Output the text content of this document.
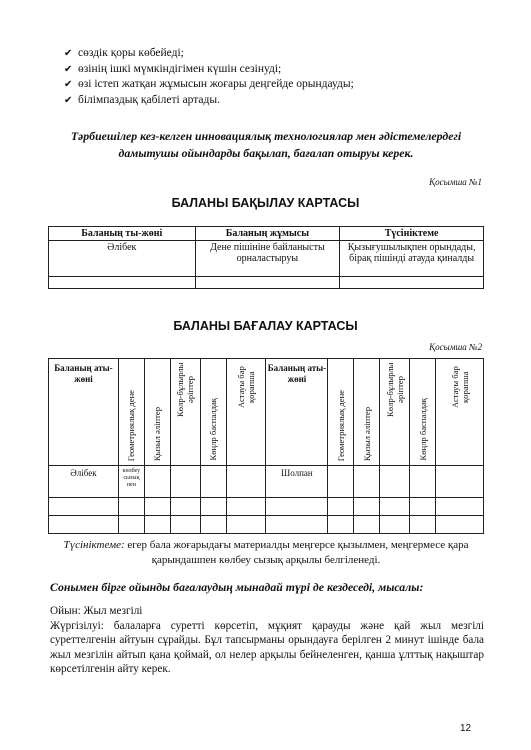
✔ сөздік қоры көбейеді;
✔ өзінің ішкі мүмкіндігімен күшін сезінуді;
✔ өзі істеп жатқан жұмысын жоғары деңгейде орындауды;
✔ білімпаздық қабілеті артады.
Тәрбиешілер кез-келген инновациялық технологиялар мен әдістемелердегі дамытушы ойындарды бақылап, бағалап отыруы керек.
Қосымша №1
БАЛАНЫ БАҚЫЛАУ КАРТАСЫ
Баланың ты-жөні	Баланың жұмысы	Түсініктеме
Әлібек	Дене пішініне байланысты орналастыруы	Қызығушылықпен орындады, бірақ пішінді атауда қиналды

БАЛАНЫ БАҒАЛАУ КАРТАСЫ
Қосымша №2
Баланың аты-жөні	Геометриялық дене	Қызыл әліптер	Көлр-бұлырлы әріптер	Көңлр баспалдақ	Астауы бар қорапша	Баланың аты-жөні	Геометриялық дене	Қызыл әліптер	Көлр-бұлырлы әріптер	Көңлр баспалдақ	Астауы бар қорапша

Әлібек	көлбеу сызық пен					Шолпан					

Түсініктеме: егер бала жоғарыдағы материалды меңгерсе қызылмен, меңгермесе қара қарындашпен көлбеу сызық арқылы белгіленеді.
Сонымен бірге ойынды бағалаудың мынадай түрі де кездеседі, мысалы:
Ойын: Жыл мезгілі
Жүргізілуі: балаларға суретті көрсетіп, мұқият қарауды және қай жыл мезгілі суреттелгенін айтуын сұрайды. Бұл тапсырманы орындауға берілген 2 минут ішінде бала жыл мезгілін айтып қана қоймай, ол нелер арқылы бейнеленген, қанша ұлттық нақыштар көрсетілгенін айту керек.
12
